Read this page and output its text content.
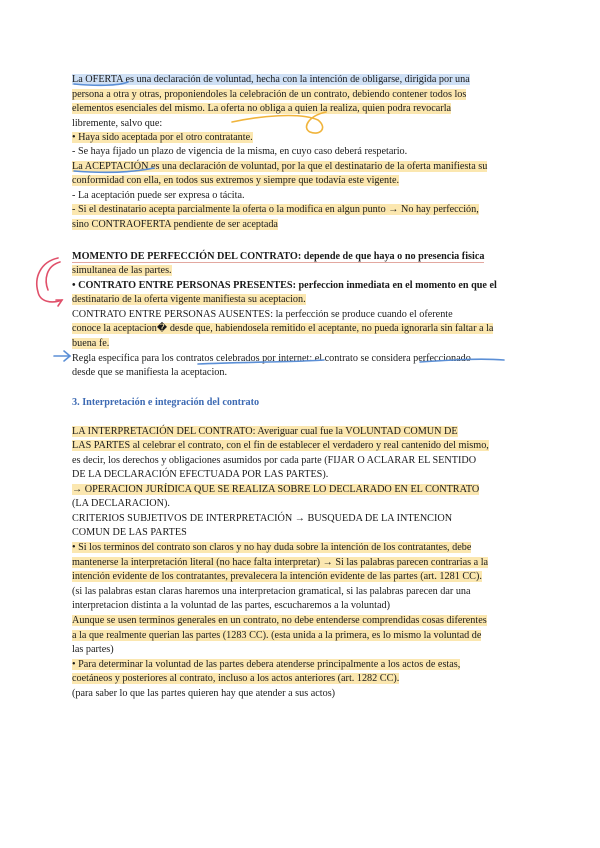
La OFERTA es una declaración de voluntad, hecha con la intención de obligarse, dirigida por una
persona a otra y otras, proponiendoles la celebración de un contrato, debiendo contener todos los
elementos esenciales del mismo. La oferta no obliga a quien la realiza, quien podra revocarla
libremente, salvo que:
• Haya sido aceptada por el otro contratante.
- Se haya fijado un plazo de vigencia de la misma, en cuyo caso deberá respetario.
La ACEPTACIÓN es una declaración de voluntad, por la que el destinatario de la oferta manifiesta su
conformidad con ella, en todos sus extremos y siempre que todavía este vigente.
- La aceptación puede ser expresa o tácita.
- Si el destinatario acepta parcialmente la oferta o la modifica en algun punto → No hay perfección,
sino CONTRAOFERTA pendiente de ser aceptada
MOMENTO DE PERFECCIÓN DEL CONTRATO: depende de que haya o no presencia fisica
simultanea de las partes.
• CONTRATO ENTRE PERSONAS PRESENTES: perfeccion inmediata en el momento en que el
destinatario de la oferta vigente manifiesta su aceptacion.
CONTRATO ENTRE PERSONAS AUSENTES: la perfección se produce cuando el oferente
conoce la aceptacion� desde que, habiendosela remitido el aceptante, no pueda ignorarla sin faltar a la
buena fe.
Regla específica para los contratos celebrados por internet: el contrato se considera perfeccionado
desde que se manifiesta la aceptacion.
3. Interpretación e integración del contrato
LA INTERPRETACIÓN DEL CONTRATO: Averiguar cual fue la VOLUNTAD COMUN DE
LAS PARTES al celebrar el contrato, con el fin de establecer el verdadero y real cantenido del mismo,
es decir, los derechos y obligaciones asumidos por cada parte (FIJAR O ACLARAR EL SENTIDO
DE LA DECLARACIÓN EFECTUADA POR LAS PARTES).
→ OPERACION JURÍDICA QUE SE REALIZA SOBRE LO DECLARADO EN EL CONTRATO
(LA DECLARACION).
CRITERIOS SUBJETIVOS DE INTERPRETACIÓN → BUSQUEDA DE LA INTENCION
COMUN DE LAS PARTES
• Si los terminos del contrato son claros y no hay duda sobre la intención de los contratantes, debe
mantenerse la interpretación literal (no hace falta interpretar) → Si las palabras parecen contrarias a la
intención evidente de los contratantes, prevalecera la intención evidente de las partes (art. 1281 CC).
(si las palabras estan claras haremos una interpretacion gramatical, si las palabras parecen dar una
interpretacion distinta a la voluntad de las partes, escucharemos a la voluntad)
Aunque se usen terminos generales en un contrato, no debe entenderse comprendidas cosas diferentes
a la que realmente querian las partes (1283 CC). (esta unida a la primera, es lo mismo la voluntad de
las partes)
• Para determinar la voluntad de las partes debera atenderse principalmente a los actos de estas,
coetáneos y posteriores al contrato, incluso a los actos anteriores (art. 1282 CC).
(para saber lo que las partes quieren hay que atender a sus actos)
